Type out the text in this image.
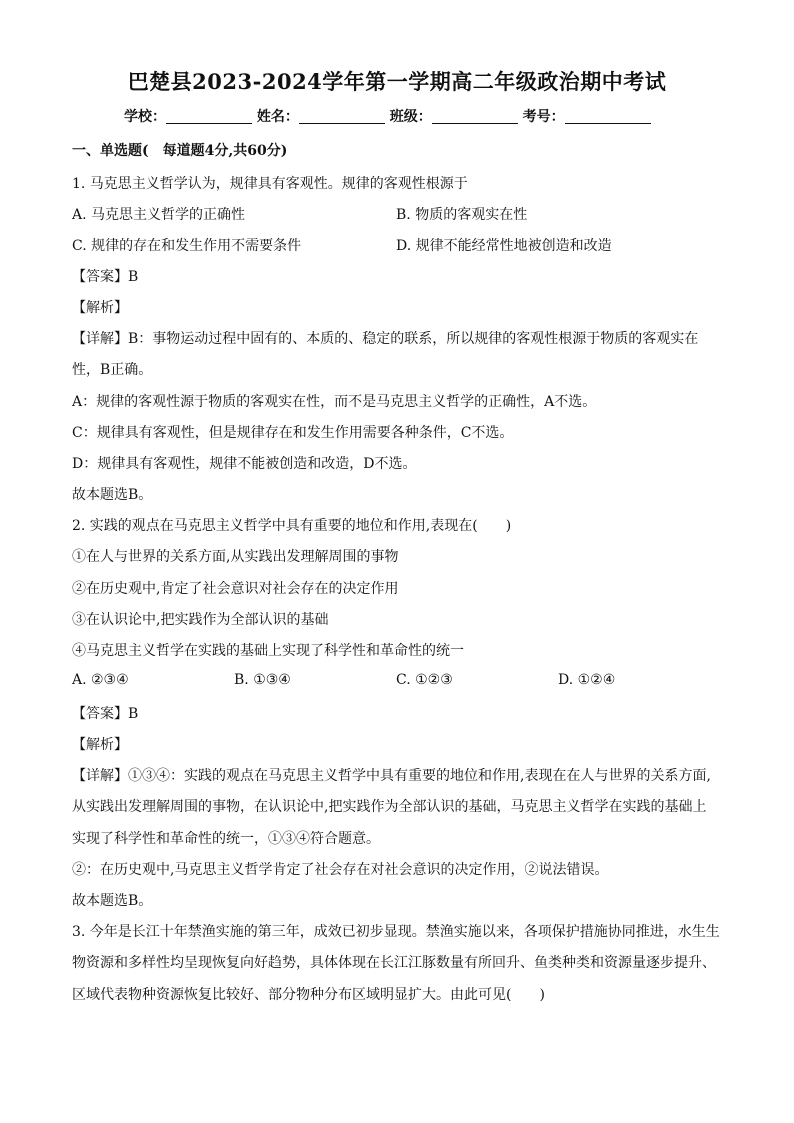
巴楚县2023-2024学年第一学期高二年级政治期中考试
学校：	姓名：	班级：	考号：
一、单选题(　每道题4分,共60分)
1. 马克思主义哲学认为，规律具有客观性。规律的客观性根源于
A. 马克思主义哲学的正确性	B. 物质的客观实在性
C. 规律的存在和发生作用不需要条件	D. 规律不能经常性地被创造和改造
【答案】B
【解析】
【详解】B：事物运动过程中固有的、本质的、稳定的联系，所以规律的客观性根源于物质的客观实在
性，B正确。
A：规律的客观性源于物质的客观实在性，而不是马克思主义哲学的正确性，A不选。
C：规律具有客观性，但是规律存在和发生作用需要各种条件，C不选。
D：规律具有客观性，规律不能被创造和改造，D不选。
故本题选B。
2. 实践的观点在马克思主义哲学中具有重要的地位和作用,表现在(　　)
①在人与世界的关系方面,从实践出发理解周围的事物
②在历史观中,肯定了社会意识对社会存在的决定作用
③在认识论中,把实践作为全部认识的基础
④马克思主义哲学在实践的基础上实现了科学性和革命性的统一
A. ②③④	B. ①③④	C. ①②③	D. ①②④
【答案】B
【解析】
【详解】①③④：实践的观点在马克思主义哲学中具有重要的地位和作用,表现在在人与世界的关系方面,
从实践出发理解周围的事物，在认识论中,把实践作为全部认识的基础，马克思主义哲学在实践的基础上
实现了科学性和革命性的统一，①③④符合题意。
②：在历史观中,马克思主义哲学肯定了社会存在对社会意识的决定作用，②说法错误。
故本题选B。
3. 今年是长江十年禁渔实施的第三年，成效已初步显现。禁渔实施以来，各项保护措施协同推进，水生生
物资源和多样性均呈现恢复向好趋势，具体体现在长江江豚数量有所回升、鱼类种类和资源量逐步提升、
区域代表物种资源恢复比较好、部分物种分布区域明显扩大。由此可见(　　)
